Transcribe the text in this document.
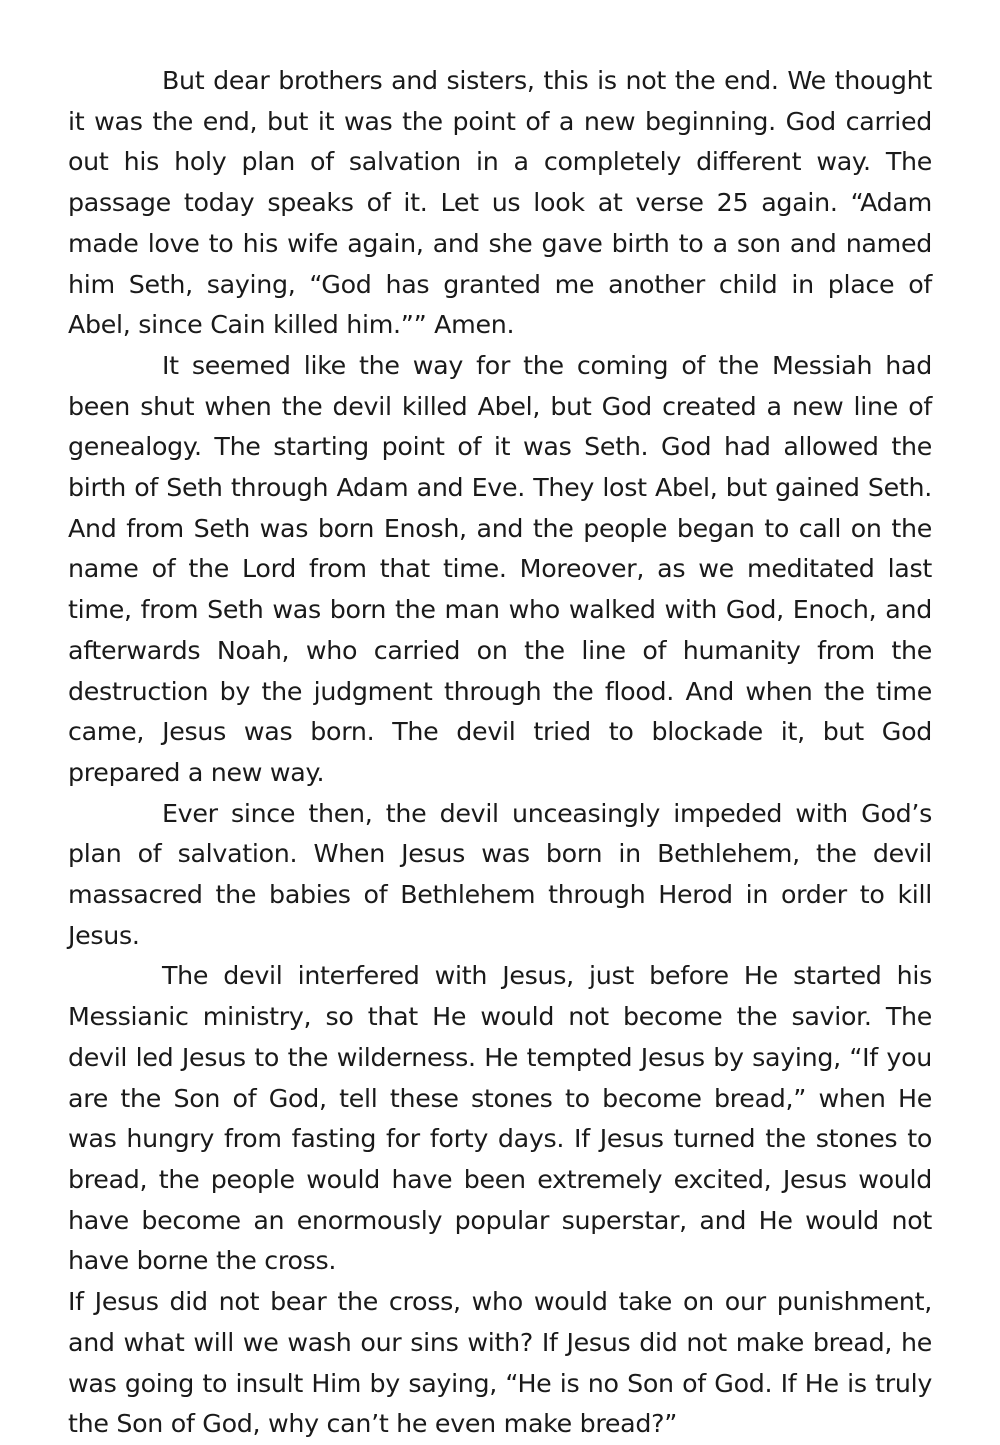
But dear brothers and sisters, this is not the end. We thought it was the end, but it was the point of a new beginning. God carried out his holy plan of salvation in a completely different way. The passage today speaks of it. Let us look at verse 25 again. “Adam made love to his wife again, and she gave birth to a son and named him Seth, saying, “God has granted me another child in place of Abel, since Cain killed him.”” Amen.

It seemed like the way for the coming of the Messiah had been shut when the devil killed Abel, but God created a new line of genealogy. The starting point of it was Seth. God had allowed the birth of Seth through Adam and Eve. They lost Abel, but gained Seth. And from Seth was born Enosh, and the people began to call on the name of the Lord from that time. Moreover, as we meditated last time, from Seth was born the man who walked with God, Enoch, and afterwards Noah, who carried on the line of humanity from the destruction by the judgment through the flood. And when the time came, Jesus was born. The devil tried to blockade it, but God prepared a new way.

Ever since then, the devil unceasingly impeded with God’s plan of salvation. When Jesus was born in Bethlehem, the devil massacred the babies of Bethlehem through Herod in order to kill Jesus.

The devil interfered with Jesus, just before He started his Messianic ministry, so that He would not become the savior. The devil led Jesus to the wilderness. He tempted Jesus by saying, “If you are the Son of God, tell these stones to become bread,” when He was hungry from fasting for forty days. If Jesus turned the stones to bread, the people would have been extremely excited, Jesus would have become an enormously popular superstar, and He would not have borne the cross.

If Jesus did not bear the cross, who would take on our punishment, and what will we wash our sins with? If Jesus did not make bread, he was going to insult Him by saying, “He is no Son of God. If He is truly the Son of God, why can’t he even make bread?”
